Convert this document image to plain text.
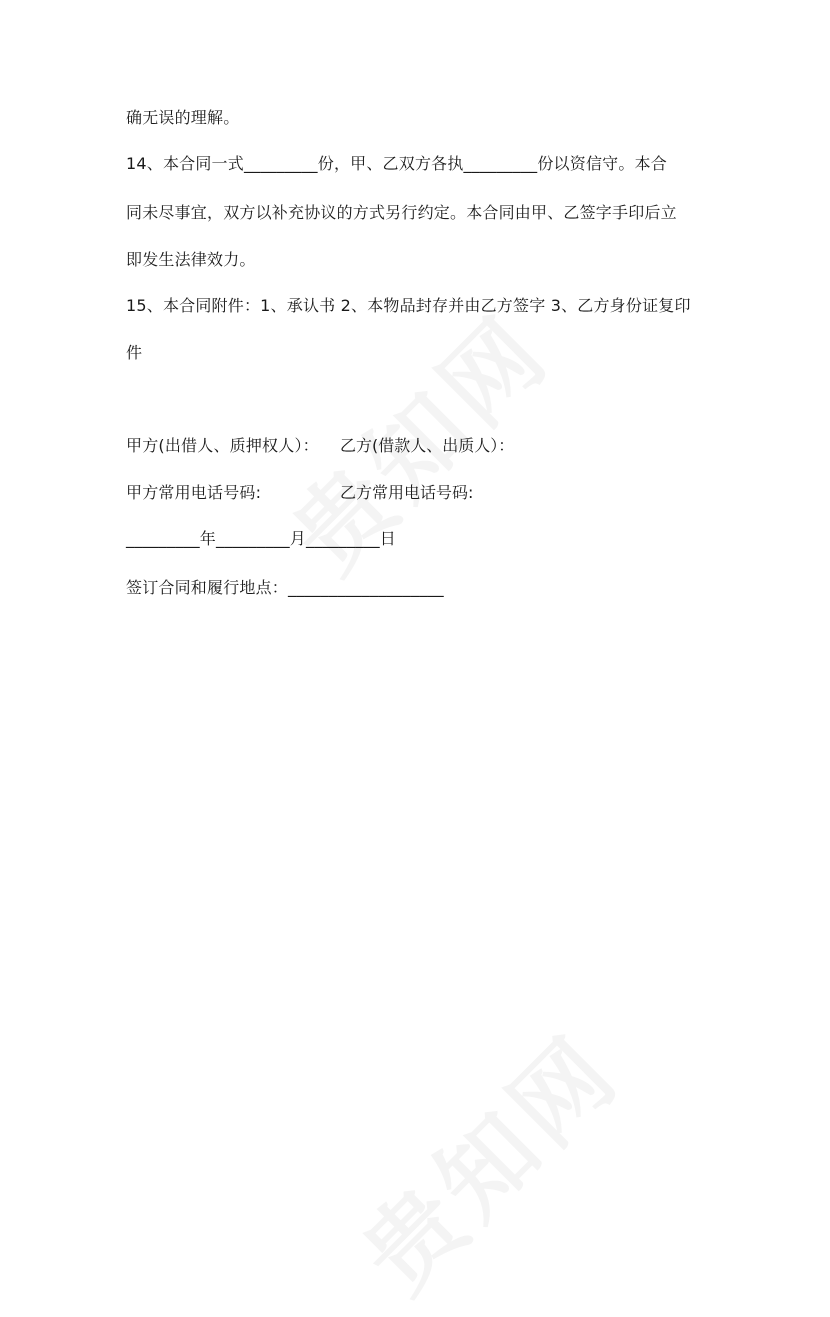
确无误的理解。
14、本合同一式_________份，甲、乙双方各执_________份以资信守。本合
同未尽事宜，双方以补充协议的方式另行约定。本合同由甲、乙签字手印后立
即发生法律效力。
15、本合同附件：1、承认书 2、本物品封存并由乙方签字 3、乙方身份证复印
件
甲方(出借人、质押权人）： 乙方(借款人、出质人）：
甲方常用电话号码:	乙方常用电话号码:
_________年_________月_________日
签订合同和履行地点：___________________
